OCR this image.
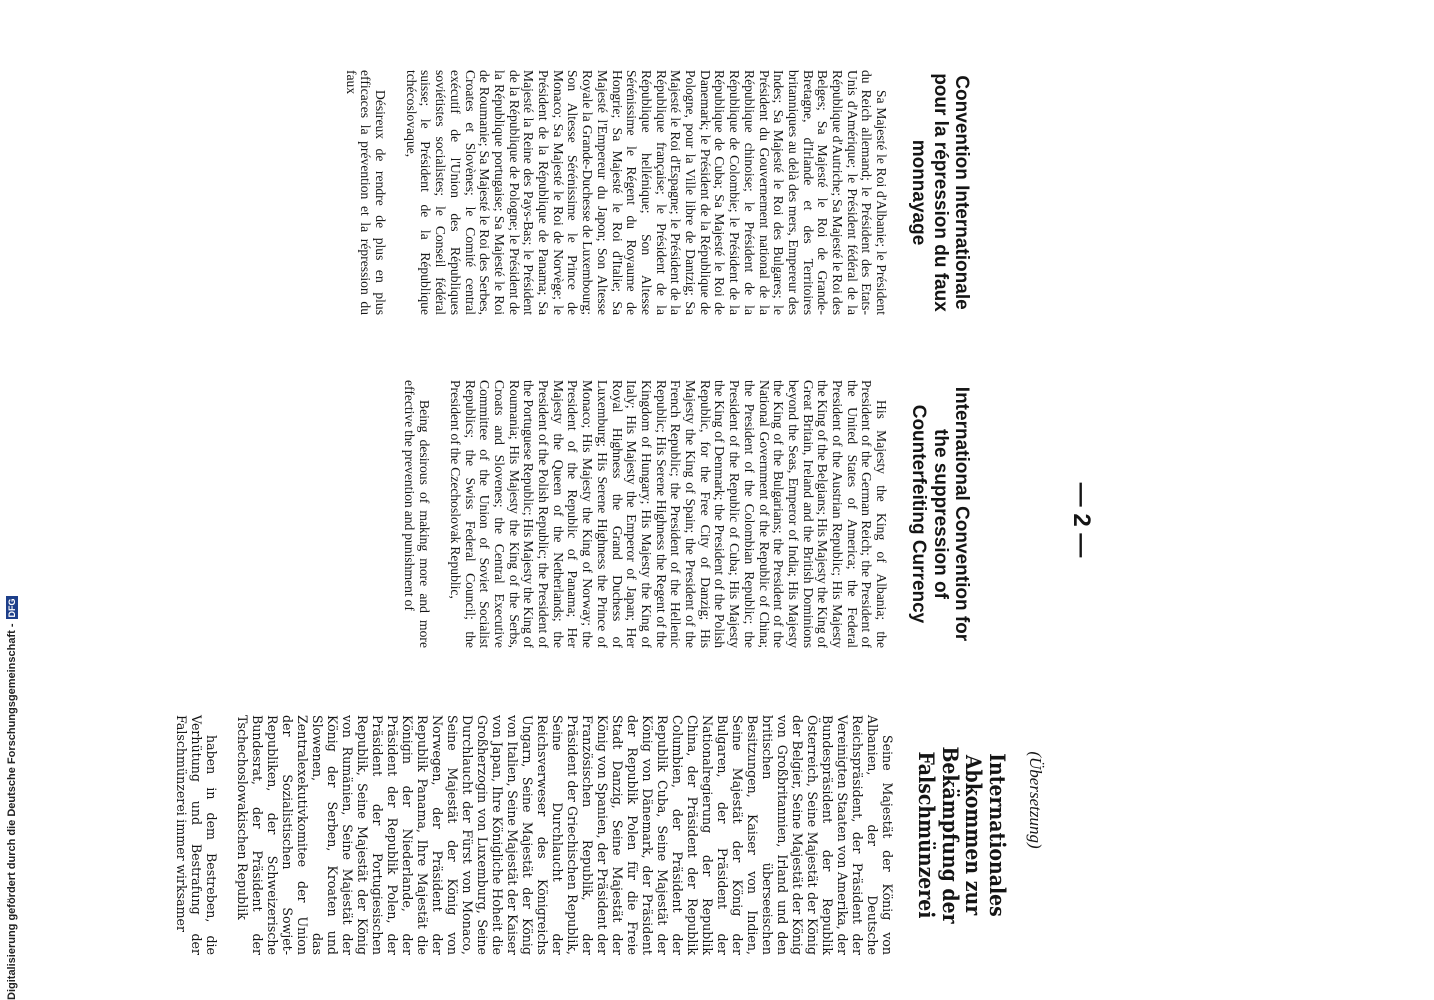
— 2 —
(Übersetzung)
Convention Internationale pour la répression du faux monnayage

Sa Majesté le Roi d'Albanie; le Président du Reich allemand; le Président des Etats-Unis d'Amérique; le Président fédéral de la République d'Autriche; Sa Majesté le Roi des Belges; Sa Majesté le Roi de Grande-Bretagne, d'Irlande et des Territoires britanniques au delà des mers, Empereur des Indes; Sa Majesté le Roi des Bulgares; le Président du Gouvernement national de la République chinoise; le Président de la République de Colombie; le Président de la République de Cuba; Sa Majesté le Roi de Danemark; le Président de la République de Pologne, pour la Ville libre de Dantzig; Sa Majesté le Roi d'Espagne; le Président de la République française; le Président de la République hellénique; Son Altesse Sérénissime le Régent du Royaume de Hongrie; Sa Majesté le Roi d'Italie; Sa Majesté l'Empereur du Japon; Son Altesse Royale la Grande-Duchesse de Luxembourg; Son Altesse Sérénissime le Prince de Monaco; Sa Majesté le Roi de Norvège; le Président de la République de Panama; Sa Majesté la Reine des Pays-Bas; le Président de la République de Pologne; le Président de la République portugaise; Sa Majesté le Roi de Roumanie; Sa Majesté le Roi des Serbes, Croates et Slovènes; le Comité central exécutif de l'Union des Républiques soviétistes socialistes; le Conseil fédéral suisse; le Président de la République tchécoslovaque,

Désireux de rendre de plus en plus efficaces la prévention et la répression du faux

International Convention for the suppression of Counterfeiting Currency

His Majesty the King of Albania; the President of the German Reich; the President of the United States of America; the Federal President of the Austrian Republic; His Majesty the King of the Belgians; His Majesty the King of Great Britain, Ireland and the British Dominions beyond the Seas, Emperor of India; His Majesty the King of the Bulgarians; the President of the National Government of the Republic of China; the President of the Colombian Republic; the President of the Republic of Cuba; His Majesty the King of Denmark; the President of the Polish Republic, for the Free City of Danzig; His Majesty the King of Spain; the President of the French Republic; the President of the Hellenic Republic; His Serene Highness the Regent of the Kingdom of Hungary; His Majesty the King of Italy; His Majesty the Emperor of Japan; Her Royal Highness the Grand Duchess of Luxemburg; His Serene Highness the Prince of Monaco; His Majesty the King of Norway; the President of the Republic of Panama; Her Majesty the Queen of the Netherlands; the President of the Polish Republic; the President of the Portuguese Republic; His Majesty the King of Roumania; His Majesty the King of the Serbs, Croats and Slovenes; the Central Executive Committee of the Union of Soviet Socialist Republics; the Swiss Federal Council; the President of the Czechoslovak Republic,

Being desirous of making more and more effective the prevention and punishment of

Internationales Abkommen zur Bekämpfung der Falschmünzerei

Seine Majestät der König von Albanien, der Deutsche Reichspräsident, der Präsident der Vereinigten Staaten von Amerika, der Bundespräsident der Republik Österreich, Seine Majestät der König der Belgier, Seine Majestät der König von Großbritannien, Irland und den britischen überseeischen Besitzungen, Kaiser von Indien, Seine Majestät der König der Bulgaren, der Präsident der Nationalregierung der Republik China, der Präsident der Republik Columbien, der Präsident der Republik Cuba, Seine Majestät der König von Dänemark, der Präsident der Republik Polen für die Freie Stadt Danzig, Seine Majestät der König von Spanien, der Präsident der Französischen Republik, der Präsident der Griechischen Republik, Seine Durchlaucht der Reichsverweser des Königreichs Ungarn, Seine Majestät der König von Italien, Seine Majestät der Kaiser von Japan, Ihre Königliche Hoheit die Großherzogin von Luxemburg, Seine Durchlaucht der Fürst von Monaco, Seine Majestät der König von Norwegen, der Präsident der Republik Panama, Ihre Majestät die Königin der Niederlande, der Präsident der Republik Polen, der Präsident der Portugiesischen Republik, Seine Majestät der König von Rumänien, Seine Majestät der König der Serben, Kroaten und Slowenen, das Zentralexekutivkomitee der Union der Sozialistischen Sowjet-Republiken, der Schweizerische Bundesrat, der Präsident der Tschechoslowakischen Republik

haben in dem Bestreben, die Verhütung und Bestrafung der Falschmünzerei immer wirksamer

Digitalisierung gefördert durch die Deutsche Forschungsgemeinschaft -DFG
